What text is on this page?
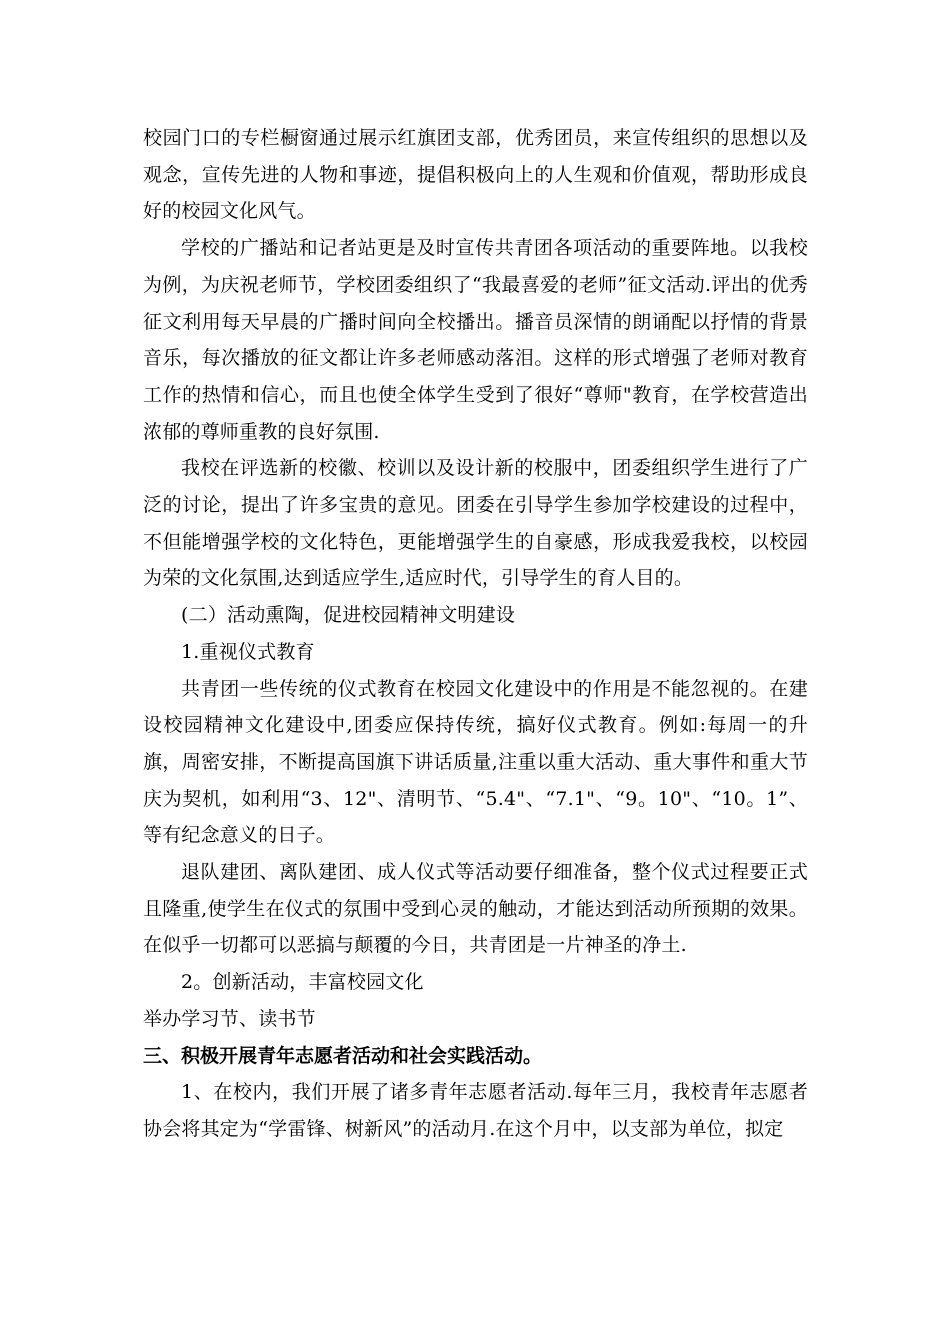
校园门口的专栏橱窗通过展示红旗团支部，优秀团员，来宣传组织的思想以及观念，宣传先进的人物和事迹，提倡积极向上的人生观和价值观，帮助形成良好的校园文化风气。

学校的广播站和记者站更是及时宣传共青团各项活动的重要阵地。以我校为例，为庆祝老师节，学校团委组织了“我最喜爱的老师”征文活动.评出的优秀征文利用每天早晨的广播时间向全校播出。播音员深情的朗诵配以抒情的背景音乐，每次播放的征文都让许多老师感动落泪。这样的形式增强了老师对教育工作的热情和信心，而且也使全体学生受到了很好“尊师"教育，在学校营造出浓郁的尊师重教的良好氛围.

我校在评选新的校徽、校训以及设计新的校服中，团委组织学生进行了广泛的讨论，提出了许多宝贵的意见。团委在引导学生参加学校建设的过程中，不但能增强学校的文化特色，更能增强学生的自豪感，形成我爱我校，以校园为荣的文化氛围,达到适应学生,适应时代，引导学生的育人目的。

(二）活动熏陶，促进校园精神文明建设

1.重视仪式教育

共青团一些传统的仪式教育在校园文化建设中的作用是不能忽视的。在建设校园精神文化建设中,团委应保持传统，搞好仪式教育。例如:每周一的升旗，周密安排，不断提高国旗下讲话质量,注重以重大活动、重大事件和重大节庆为契机，如利用“3、12"、清明节、“5.4"、“7.1"、“9。10"、“10。1”、等有纪念意义的日子。

退队建团、离队建团、成人仪式等活动要仔细准备，整个仪式过程要正式且隆重,使学生在仪式的氛围中受到心灵的触动，才能达到活动所预期的效果。在似乎一切都可以恶搞与颠覆的今日，共青团是一片神圣的净土.

2。创新活动，丰富校园文化

举办学习节、读书节

三、积极开展青年志愿者活动和社会实践活动。

1、在校内，我们开展了诸多青年志愿者活动.每年三月，我校青年志愿者协会将其定为“学雷锋、树新风”的活动月.在这个月中，以支部为单位，拟定
